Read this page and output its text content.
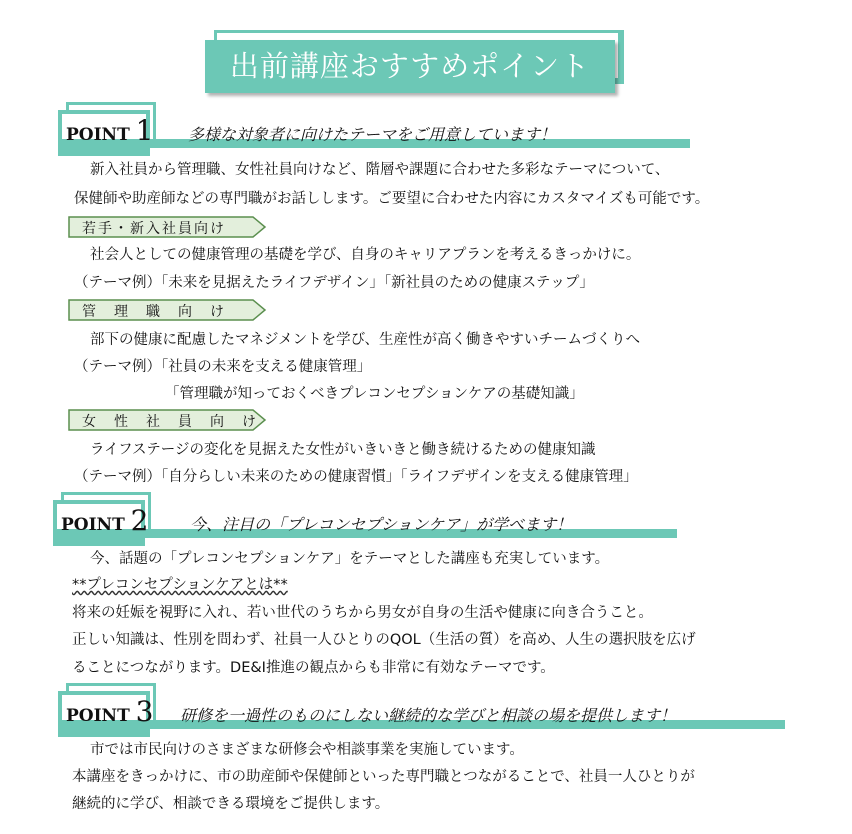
出前講座おすすめポイント
POINT 1 多様な対象者に向けたテーマをご用意しています！
新入社員から管理職、女性社員向けなど、階層や課題に合わせた多彩なテーマについて、
保健師や助産師などの専門職がお話しします。ご要望に合わせた内容にカスタマイズも可能です。
若手・新入社員向け
社会人としての健康管理の基礎を学び、自身のキャリアプランを考えるきっかけに。
（テーマ例）「未来を見据えたライフデザイン」「新社員のための健康ステップ」
管　理　職　向　け
部下の健康に配慮したマネジメントを学び、生産性が高く働きやすいチームづくりへ
（テーマ例）「社員の未来を支える健康管理」
「管理職が知っておくべきプレコンセプションケアの基礎知識」
女　性　社　員　向　け
ライフステージの変化を見据えた女性がいきいきと働き続けるための健康知識
（テーマ例）「自分らしい未来のための健康習慣」「ライフデザインを支える健康管理」
POINT 2	今、注目の「プレコンセプションケア」が学べます！
今、話題の「プレコンセプションケア」をテーマとした講座も充実しています。
**プレコンセプションケアとは**
将来の妊娠を視野に入れ、若い世代のうちから男女が自身の生活や健康に向き合うこと。
正しい知識は、性別を問わず、社員一人ひとりのQOL（生活の質）を高め、人生の選択肢を広げ
ることにつながります。DE&I推進の観点からも非常に有効なテーマです。
POINT 3 研修を一過性のものにしない継続的な学びと相談の場を提供します！
市では市民向けのさまざまな研修会や相談事業を実施しています。
本講座をきっかけに、市の助産師や保健師といった専門職とつながることで、社員一人ひとりが
継続的に学び、相談できる環境をご提供します。
